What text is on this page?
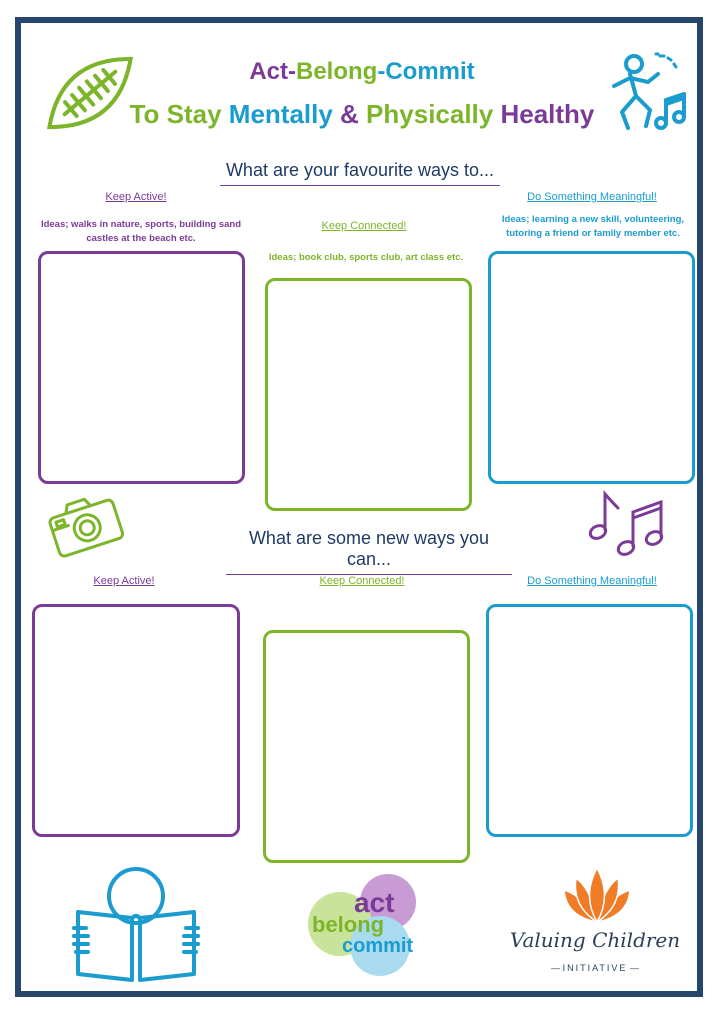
Act-Belong-Commit
To Stay Mentally & Physically Healthy
What are your favourite ways to...
Keep Active!
Ideas; walks in nature, sports, building sand castles at the beach etc.
Keep Connected!
Ideas; book club, sports club, art class etc.
Do Something Meaningful!
Ideas; learning a new skill, volunteering, tutoring a friend or family member etc.
What are some new ways you can...
Keep Active!	Keep Connected!	Do Something Meaningful!
act
belong
commit	Valuing Children
— INITIATIVE —
